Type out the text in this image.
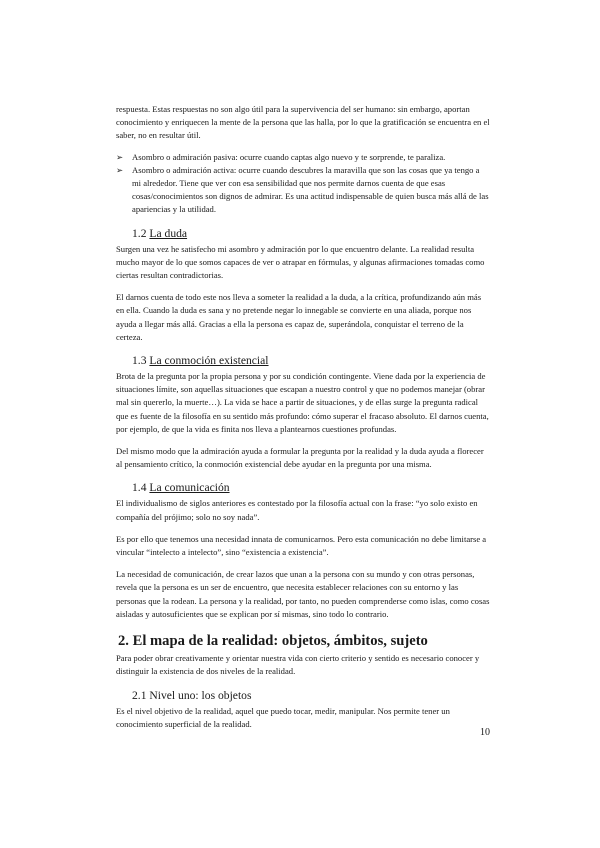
respuesta. Estas respuestas no son algo útil para la supervivencia del ser humano: sin embargo, aportan conocimiento y enriquecen la mente de la persona que las halla, por lo que la gratificación se encuentra en el saber, no en resultar útil.

➢ Asombro o admiración pasiva: ocurre cuando captas algo nuevo y te sorprende, te paraliza.
➢ Asombro o admiración activa: ocurre cuando descubres la maravilla que son las cosas que ya tengo a mi alrededor. Tiene que ver con esa sensibilidad que nos permite darnos cuenta de que esas cosas/conocimientos son dignos de admirar. Es una actitud indispensable de quien busca más allá de las apariencias y la utilidad.
1.2 La duda

Surgen una vez he satisfecho mi asombro y admiración por lo que encuentro delante. La realidad resulta mucho mayor de lo que somos capaces de ver o atrapar en fórmulas, y algunas afirmaciones tomadas como ciertas resultan contradictorias.

El darnos cuenta de todo este nos lleva a someter la realidad a la duda, a la crítica, profundizando aún más en ella. Cuando la duda es sana y no pretende negar lo innegable se convierte en una aliada, porque nos ayuda a llegar más allá. Gracias a ella la persona es capaz de, superándola, conquistar el terreno de la certeza.

1.3 La conmoción existencial

Brota de la pregunta por la propia persona y por su condición contingente. Viene dada por la experiencia de situaciones límite, son aquellas situaciones que escapan a nuestro control y que no podemos manejar (obrar mal sin quererlo, la muerte…). La vida se hace a partir de situaciones, y de ellas surge la pregunta radical que es fuente de la filosofía en su sentido más profundo: cómo superar el fracaso absoluto. El darnos cuenta, por ejemplo, de que la vida es finita nos lleva a plantearnos cuestiones profundas.

Del mismo modo que la admiración ayuda a formular la pregunta por la realidad y la duda ayuda a florecer al pensamiento crítico, la conmoción existencial debe ayudar en la pregunta por una misma.

1.4 La comunicación

El individualismo de siglos anteriores es contestado por la filosofía actual con la frase: “yo solo existo en compañía del prójimo; solo no soy nada”.

Es por ello que tenemos una necesidad innata de comunicarnos. Pero esta comunicación no debe limitarse a vincular “intelecto a intelecto”, sino “existencia a existencia”.

La necesidad de comunicación, de crear lazos que unan a la persona con su mundo y con otras personas, revela que la persona es un ser de encuentro, que necesita establecer relaciones con su entorno y las personas que la rodean. La persona y la realidad, por tanto, no pueden comprenderse como islas, como cosas aisladas y autosuficientes que se explican por sí mismas, sino todo lo contrario.

2. El mapa de la realidad: objetos, ámbitos, sujeto

Para poder obrar creativamente y orientar nuestra vida con cierto criterio y sentido es necesario conocer y distinguir la existencia de dos niveles de la realidad.

2.1 Nivel uno: los objetos

Es el nivel objetivo de la realidad, aquel que puedo tocar, medir, manipular. Nos permite tener un conocimiento superficial de la realidad.

10
